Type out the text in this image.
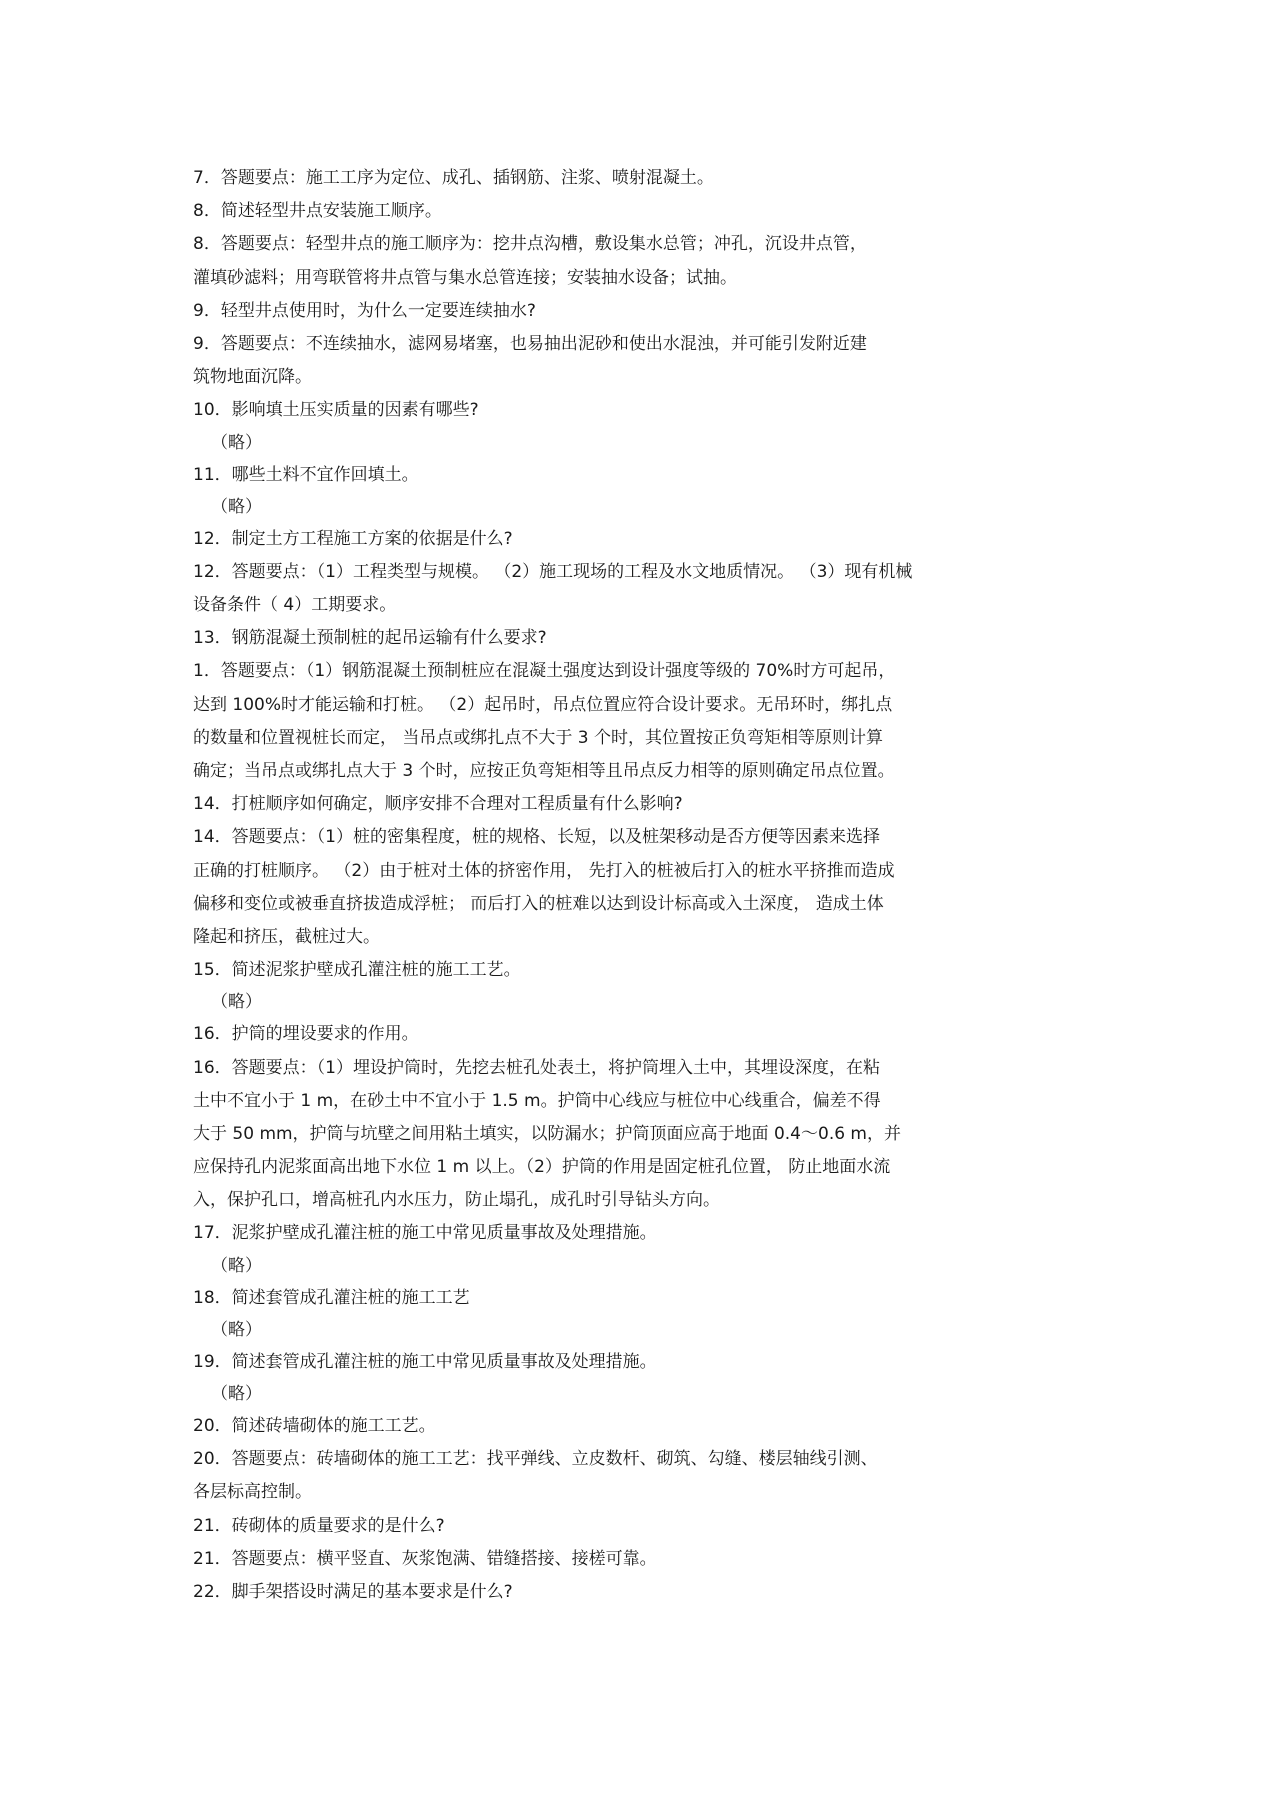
7．答题要点：施工工序为定位、成孔、插钢筋、注浆、喷射混凝土。
8．简述轻型井点安装施工顺序。
8．答题要点：轻型井点的施工顺序为：挖井点沟槽，敷设集水总管；冲孔，沉设井点管，
灌填砂滤料；用弯联管将井点管与集水总管连接；安装抽水设备；试抽。
9．轻型井点使用时，为什么一定要连续抽水?
9．答题要点：不连续抽水，滤网易堵塞，也易抽出泥砂和使出水混浊，并可能引发附近建
筑物地面沉降。
10．影响填土压实质量的因素有哪些?
（略）
11．哪些土料不宜作回填土。
（略）
12．制定土方工程施工方案的依据是什么?
12．答题要点：（1）工程类型与规模。 （2）施工现场的工程及水文地质情况。 （3）现有机械
设备条件（ 4）工期要求。
13．钢筋混凝土预制桩的起吊运输有什么要求?
1．答题要点：（1）钢筋混凝土预制桩应在混凝土强度达到设计强度等级的 70%时方可起吊，
达到 100%时才能运输和打桩。 （2）起吊时，吊点位置应符合设计要求。无吊环时，绑扎点
的数量和位置视桩长而定， 当吊点或绑扎点不大于 3 个时，其位置按正负弯矩相等原则计算
确定；当吊点或绑扎点大于 3 个时，应按正负弯矩相等且吊点反力相等的原则确定吊点位置。
14．打桩顺序如何确定，顺序安排不合理对工程质量有什么影响?
14．答题要点：（1）桩的密集程度，桩的规格、长短，以及桩架移动是否方便等因素来选择
正确的打桩顺序。 （2）由于桩对土体的挤密作用， 先打入的桩被后打入的桩水平挤推而造成
偏移和变位或被垂直挤拔造成浮桩； 而后打入的桩难以达到设计标高或入土深度， 造成土体
隆起和挤压，截桩过大。
15．简述泥浆护壁成孔灌注桩的施工工艺。
（略）
16．护筒的埋设要求的作用。
16．答题要点：（1）埋设护筒时，先挖去桩孔处表土，将护筒埋入土中，其埋设深度，在粘
土中不宜小于 1 m，在砂土中不宜小于 1.5 m。护筒中心线应与桩位中心线重合，偏差不得
大于 50 mm，护筒与坑壁之间用粘土填实，以防漏水；护筒顶面应高于地面 0.4～0.6 m，并
应保持孔内泥浆面高出地下水位 1 m 以上。（2）护筒的作用是固定桩孔位置， 防止地面水流
入，保护孔口，增高桩孔内水压力，防止塌孔，成孔时引导钻头方向。
17．泥浆护壁成孔灌注桩的施工中常见质量事故及处理措施。
（略）
18．简述套管成孔灌注桩的施工工艺
（略）
19．简述套管成孔灌注桩的施工中常见质量事故及处理措施。
（略）
20．简述砖墙砌体的施工工艺。
20．答题要点：砖墙砌体的施工工艺：找平弹线、立皮数杆、砌筑、勾缝、楼层轴线引测、
各层标高控制。
21．砖砌体的质量要求的是什么?
21．答题要点：横平竖直、灰浆饱满、错缝搭接、接槎可靠。
22．脚手架搭设时满足的基本要求是什么?
